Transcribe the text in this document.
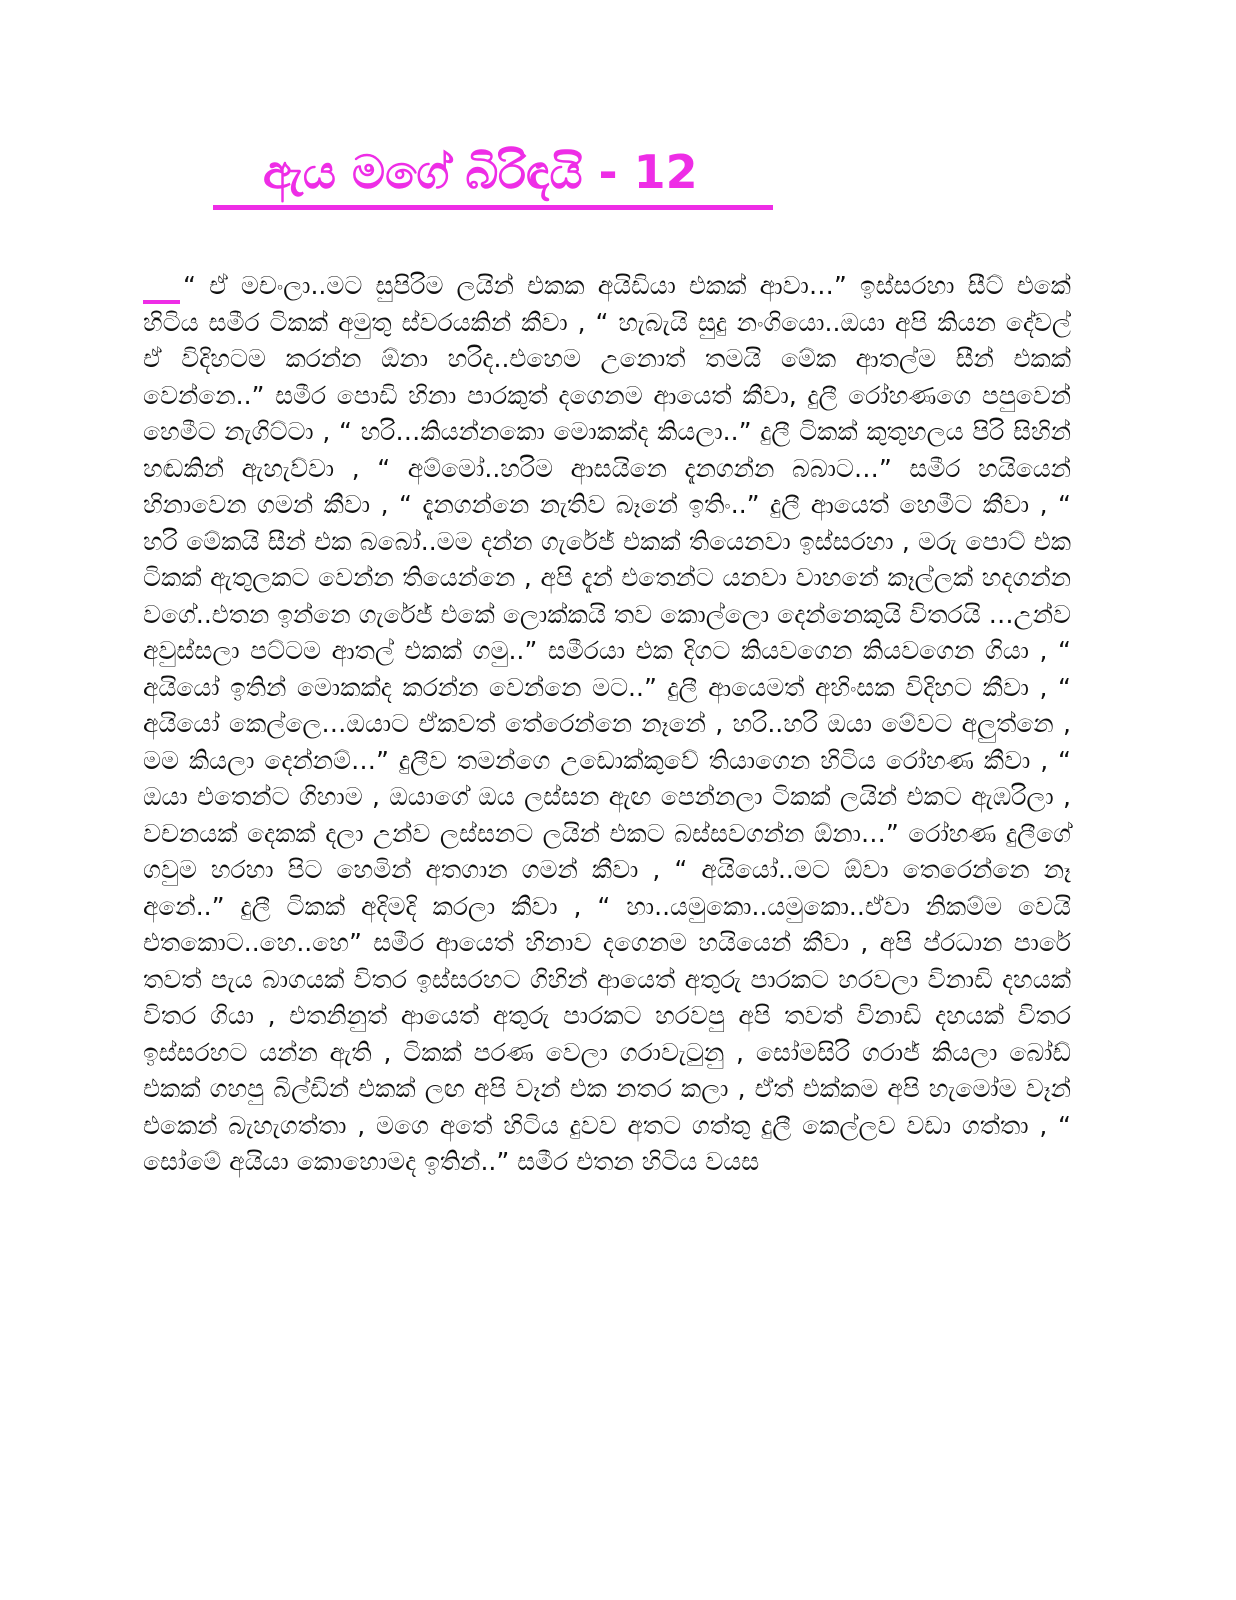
ඇය මගේ බිරිඳයි - 12

“ ඒ මචංලා..මට සුපිරිම ලයින් එකක අයිඩියා එකක් ආවා…” ඉස්සරහා සීට් එකේ හිටිය සමීර ටිකක් අමුතු ස්වරයකින් කීවා , “ හැබැයි සුදු නංගියො..ඔයා අපි කියන දේවල් ඒ විදිහටම කරන්න ඕනා හරිද..එහෙම උනොත් තමයි මේක ආතල්ම සීන් එකක් වෙන්නෙ..” සමීර පොඩි හිනා පාරකුත් දගෙනම ආයෙත් කීවා, දුලී රෝහණගෙ පපුවෙන් හෙමීට නැගිට්ටා , “ හරි…කියන්නකො මොකක්ද කියලා..” දුලී ටිකක් කුතුහලය පිරි සිහින් හඬකින් ඇහැව්වා , “ අම්මෝ..හරිම ආසයිනෙ දැනගන්න බබාට…” සමීර හයියෙන් හිනාවෙන ගමන් කීවා , “ දැනගන්නෙ නැතිව බෑනේ ඉතිං..” දුලී ආයෙත් හෙමීට කීවා , “ හරි මේකයි සීන් එක බබෝ..මම දන්න ගැරේජ් එකක් තියෙනවා ඉස්සරහා , මරු පොට් එක ටිකක් ඇතුලකට වෙන්න තියෙන්නෙ , අපි දැන් එතෙන්ට යනවා වාහනේ කෑල්ලක් හදගන්න වගේ..එතන ඉන්නෙ ගැරේජ් එකේ ලොක්කයි තව කොල්ලො දෙන්නෙකුයි විතරයි …උන්ව අවුස්සලා පට්ටම ආතල් එකක් ගමු..” සමීරයා එක දිගට කියවගෙන කියවගෙන ගියා , “ අයියෝ ඉතින් මොකක්ද කරන්න වෙන්නෙ මට..” දුලී ආයෙමත් අහිංසක විදිහට කීවා , “ අයියෝ කෙල්ලෙ…ඔයාට ඒකවත් තේරෙන්නෙ නෑනේ , හරි..හරි ඔයා මේවට අලුත්නෙ , මම කියලා දෙන්නම්…” දුලීව තමන්ගෙ උඩොක්කුවේ තියාගෙන හිටිය රෝහණ කීවා , “ ඔයා එතෙන්ට ගිහාම , ඔයාගේ ඔය ලස්සන ඇඟ පෙන්නලා ටිකක් ලයින් එකට ඇඹරිලා , වචනයක් දෙකක් දලා උන්ව ලස්සනට ලයින් එකට බස්සවගන්න ඕනා…” රෝහණ දුලීගේ ගවුම හරහා පිට හෙමින් අතගාන ගමන් කීවා , “ අයියෝ..මට ඕවා තෙරෙන්නෙ නෑ අනේ..” දුලී ටිකක් අදිමදි කරලා කීවා , “ හා..යමුකො..යමුකො..ඒවා නිකම්ම වෙයි එතකොට..හෙ..හෙ” සමීර ආයෙත් හිනාව දගෙනම හයියෙන් කීවා , අපි ප්රධාන පාරේ තවත් පැය බාගයක් විතර ඉස්සරහට ගිහින් ආයෙත් අතුරු පාරකට හරවලා විනාඩි දහයක් විතර ගියා , එතනිනුත් ආයෙත් අතුරු පාරකට හරවපු අපි තවත් විනාඩි දහයක් විතර ඉස්සරහට යන්න ඇති , ටිකක් පරණ වෙලා ගරාවැටුනු , සෝමසිරි ගරාජ් කියලා බෝඩ් එකක් ගහපු බිල්ඩින් එකක් ලඟ අපි වෑන් එක නතර කලා , ඒත් එක්කම අපි හැමෝම වෑන් එකෙන් බැහැගත්තා , මගෙ අතේ හිටිය දුවව අතට ගත්තු දුලී කෙල්ලව වඩා ගත්තා , “ සෝමේ අයියා කොහොමද ඉතින්..” සමීර එතන හිටිය වයස
